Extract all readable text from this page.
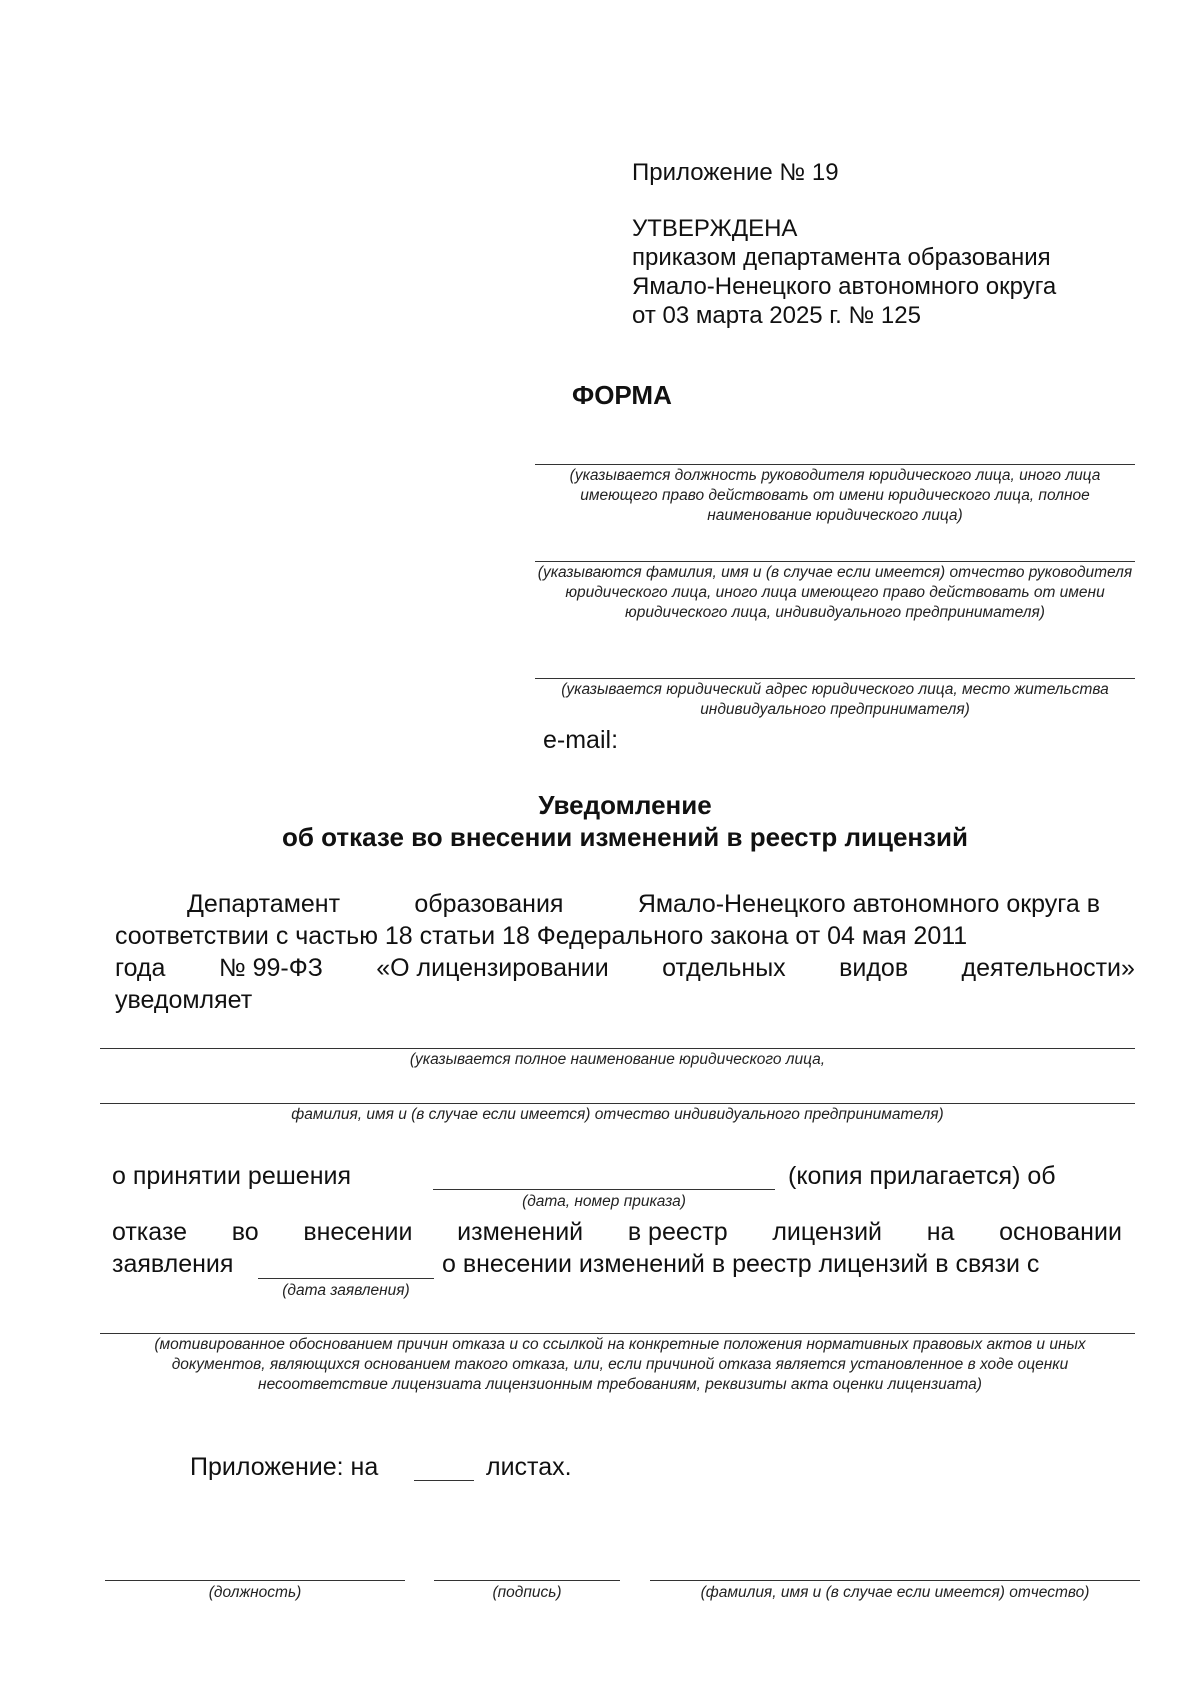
Приложение № 19
УТВЕРЖДЕНА
приказом департамента образования
Ямало-Ненецкого автономного округа
от 03 марта 2025 г. № 125
ФОРМА
(указывается должность руководителя юридического лица, иного лица имеющего право действовать от имени юридического лица, полное наименование юридического лица)
(указываются фамилия, имя и (в случае если имеется) отчество руководителя юридического лица, иного лица имеющего право действовать от имени юридического лица, индивидуального предпринимателя)
(указывается юридический адрес юридического лица, место жительства индивидуального предпринимателя)
e-mail:
Уведомление
об отказе во внесении изменений в реестр лицензий
Департамент	образования	Ямало-Ненецкого автономного округа в
соответствии с частью 18 статьи 18 Федерального закона от 04 мая 2011
года № 99-ФЗ «О лицензировании отдельных видов деятельности»
уведомляет
(указывается полное наименование юридического лица,
фамилия, имя и (в случае если имеется) отчество индивидуального предпринимателя)
о принятии решения	(копия прилагается) об
(дата, номер приказа)
отказе во внесении изменений в реестр лицензий на основании
заявления	о внесении изменений в реестр лицензий в связи с
(дата заявления)
(мотивированное обоснованием причин отказа и со ссылкой на конкретные положения нормативных правовых актов и иных документов, являющихся основанием такого отказа, или, если причиной отказа является установленное в ходе оценки несоответствие лицензиата лицензионным требованиям, реквизиты акта оценки лицензиата)
Приложение: на	листах.
(должность)	(подпись)	(фамилия, имя и (в случае если имеется) отчество)
